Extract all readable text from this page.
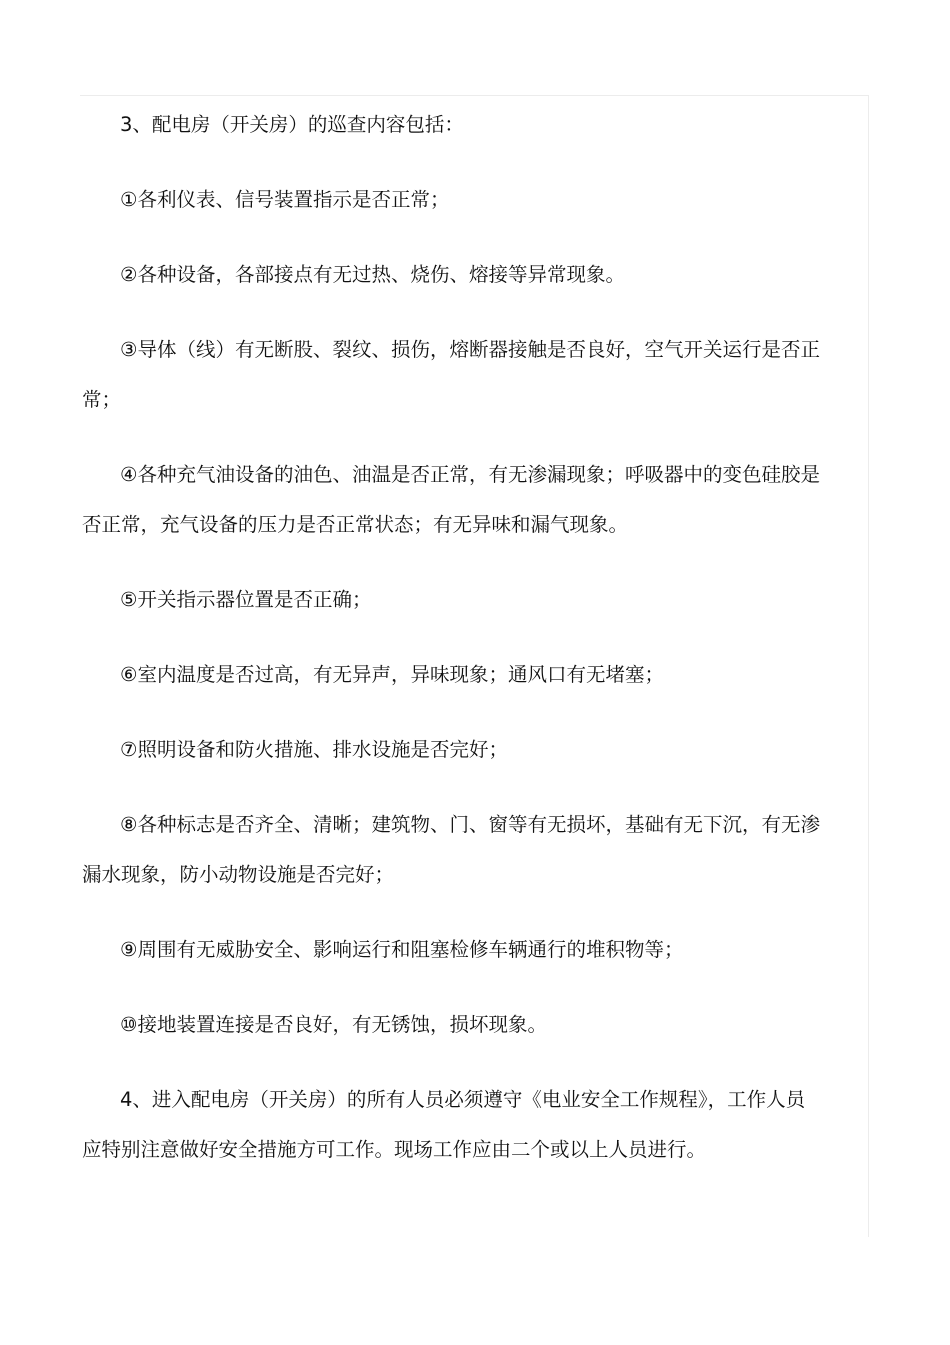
3、配电房（开关房）的巡查内容包括：

①各利仪表、信号装置指示是否正常；

②各种设备，各部接点有无过热、烧伤、熔接等异常现象。

③导体（线）有无断股、裂纹、损伤，熔断器接触是否良好，空气开关运行是否正常；

④各种充气油设备的油色、油温是否正常，有无渗漏现象；呼吸器中的变色硅胶是否正常，充气设备的压力是否正常状态；有无异味和漏气现象。

⑤开关指示器位置是否正确；

⑥室内温度是否过高，有无异声，异味现象；通风口有无堵塞；

⑦照明设备和防火措施、排水设施是否完好；

⑧各种标志是否齐全、清晰；建筑物、门、窗等有无损坏，基础有无下沉，有无渗漏水现象，防小动物设施是否完好；

⑨周围有无威胁安全、影响运行和阻塞检修车辆通行的堆积物等；

⑩接地装置连接是否良好，有无锈蚀，损坏现象。

4、进入配电房（开关房）的所有人员必须遵守《电业安全工作规程》，工作人员应特别注意做好安全措施方可工作。现场工作应由二个或以上人员进行。
